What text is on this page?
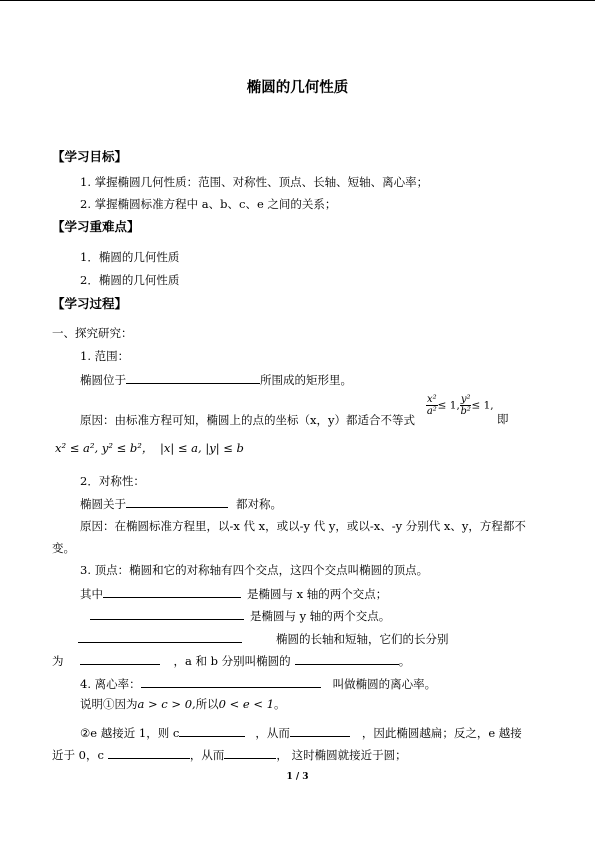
椭圆的几何性质
【学习目标】
1. 掌握椭圆几何性质：范围、对称性、顶点、长轴、短轴、离心率；
2. 掌握椭圆标准方程中 a、b、c、e 之间的关系；
【学习重难点】
1．椭圆的几何性质
2．椭圆的几何性质
【学习过程】
一、探究研究：
1. 范围：
椭圆位于	所围成的矩形里。
原因：由标准方程可知，椭圆上的点的坐标（x，y）都适合不等式
$\frac{\text{x²}}{\text{a²}} \le 1$, $\frac{\text{y²}}{\text{b²}} \le 1$,
即
x² ≤ a², y² ≤ b²， |x| ≤ a, |y| ≤ b
2．对称性：
椭圆关于	都对称。
原因：在椭圆标准方程里，以-x 代 x，或以-y 代 y，或以-x、-y 分别代 x、y，方程都不
变。
3. 顶点：椭圆和它的对称轴有四个交点，这四个交点叫椭圆的顶点。
其中	是椭圆与 x 轴的两个交点；
是椭圆与 y 轴的两个交点。
椭圆的长轴和短轴，它们的长分别
为	，a 和 b 分别叫椭圆的	。
4. 离心率：	叫做椭圆的离心率。
说明①因为a > c > 0,所以0 < e < 1。
②e 越接近 1，则 c	，从而	，因此椭圆越扁；反之，e 越接
近于 0，c	，从而	， 这时椭圆就接近于圆；
1 / 3
